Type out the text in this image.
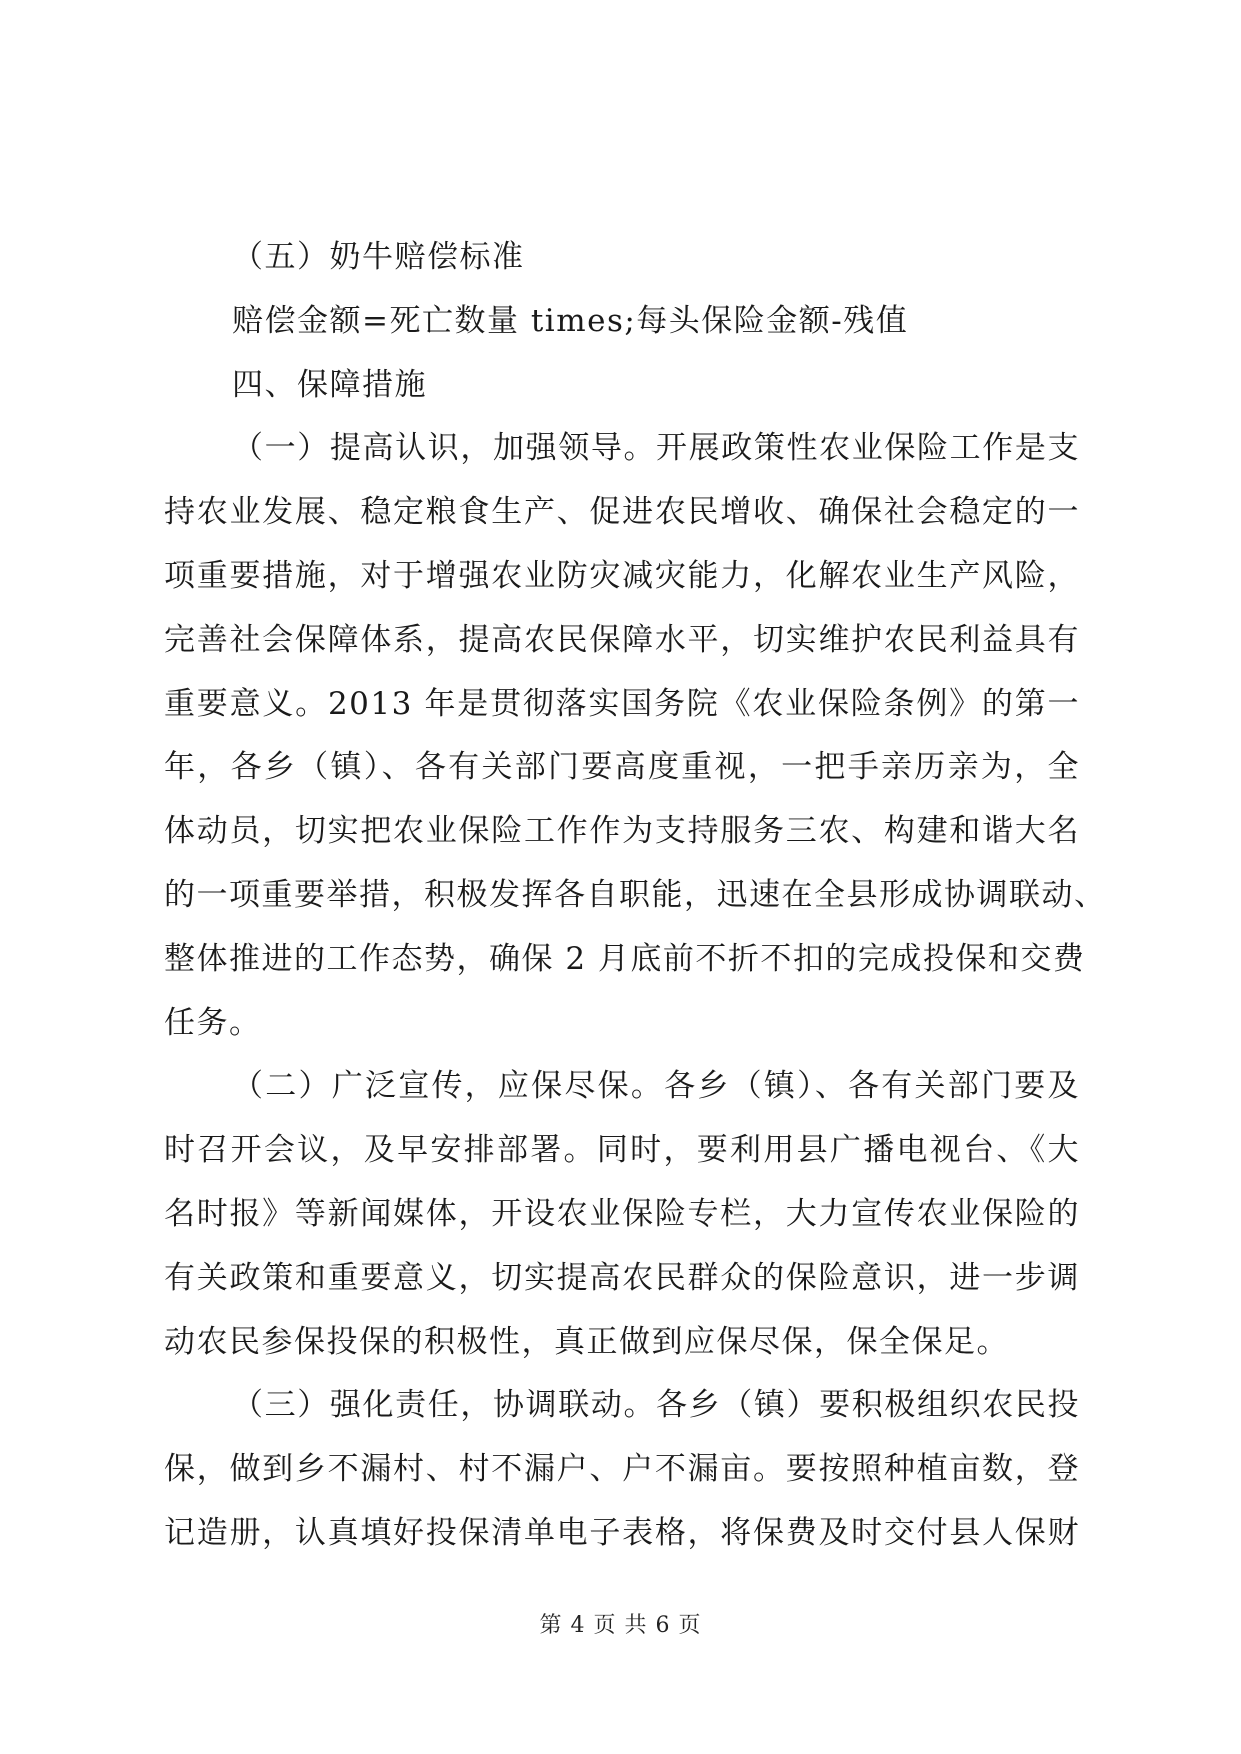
（五）奶牛赔偿标准
赔偿金额=死亡数量 times;每头保险金额-残值
四、保障措施
（一）提高认识，加强领导。开展政策性农业保险工作是支
持农业发展、稳定粮食生产、促进农民增收、确保社会稳定的一
项重要措施，对于增强农业防灾减灾能力，化解农业生产风险，
完善社会保障体系，提高农民保障水平，切实维护农民利益具有
重要意义。2013 年是贯彻落实国务院《农业保险条例》的第一
年，各乡（镇）、各有关部门要高度重视，一把手亲历亲为，全
体动员，切实把农业保险工作作为支持服务三农、构建和谐大名
的一项重要举措，积极发挥各自职能，迅速在全县形成协调联动、
整体推进的工作态势，确保 2 月底前不折不扣的完成投保和交费
任务。
（二）广泛宣传，应保尽保。各乡（镇）、各有关部门要及
时召开会议，及早安排部署。同时，要利用县广播电视台、《大
名时报》等新闻媒体，开设农业保险专栏，大力宣传农业保险的
有关政策和重要意义，切实提高农民群众的保险意识，进一步调
动农民参保投保的积极性，真正做到应保尽保，保全保足。
（三）强化责任，协调联动。各乡（镇）要积极组织农民投
保，做到乡不漏村、村不漏户、户不漏亩。要按照种植亩数，登
记造册，认真填好投保清单电子表格，将保费及时交付县人保财
第 4 页 共 6 页
